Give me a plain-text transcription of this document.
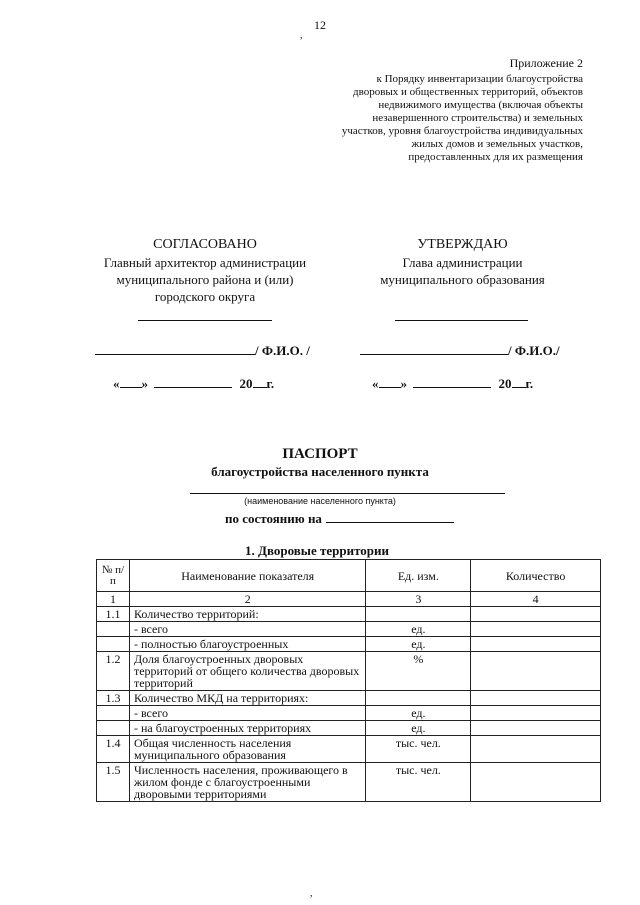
,
12
Приложение 2
к Порядку инвентаризации благоустройства дворовых и общественных территорий, объектов недвижимого имущества (включая объекты незавершенного строительства) и земельных участков, уровня благоустройства индивидуальных жилых домов и земельных участков, предоставленных для их размещения
СОГЛАСОВАНО
Главный архитектор администрации
муниципального района и (или)
городского округа
/ Ф.И.О. /
« »	20 г.
УТВЕРЖДАЮ
Глава администрации
муниципального образования
/ Ф.И.О./
« »	20 г.
ПАСПОРТ
благоустройства населенного пункта
(наименование населенного пункта)
по состоянию на
1. Дворовые территории
№ п/п	Наименование показателя	Ед. изм.	Количество
1	2	3	4
1.1	Количество территорий:		
	- всего	ед.	
	- полностью благоустроенных	ед.	
1.2	Доля благоустроенных дворовых территорий от общего количества дворовых территорий	%	
1.3	Количество МКД на территориях:		
	- всего	ед.	
	- на благоустроенных территориях	ед.	
1.4	Общая численность населения муниципального образования	тыс. чел.	
1.5	Численность населения, проживающего в жилом фонде с благоустроенными дворовыми территориями	тыс. чел.	
,
